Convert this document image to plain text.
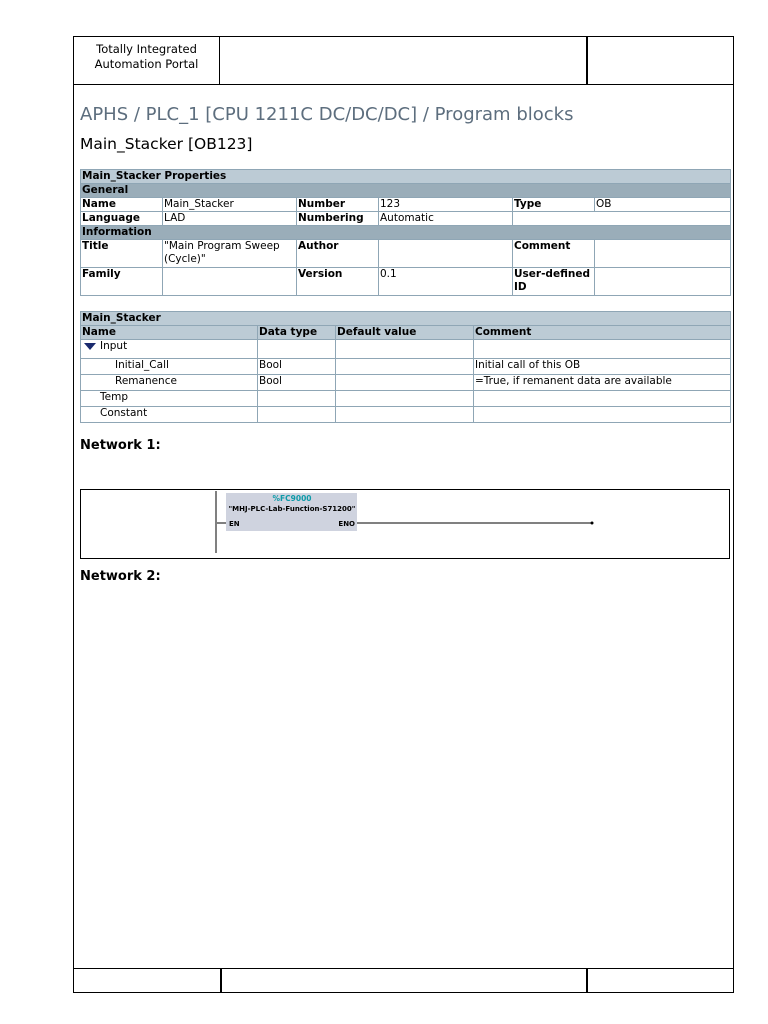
Totally Integrated
Automation Portal
APHS / PLC_1 [CPU 1211C DC/DC/DC] / Program blocks
Main_Stacker [OB123]
Main_Stacker Properties					
General					
Name	Main_Stacker	Number	123	Type	OB
Language	LAD	Numbering	Automatic		
Information					
Title	"Main Program Sweep (Cycle)"	Author		Comment	
Family		Version	0.1	User-defined ID	
Main_Stacker			
Name	Data type	Default value	Comment
Input			
Initial_Call	Bool		Initial call of this OB
Remanence	Bool		=True, if remanent data are available
Temp			
Constant			
Network 1:
%FC9000
"MHJ-PLC-Lab-Function-S71200"
EN	ENO
Network 2:
